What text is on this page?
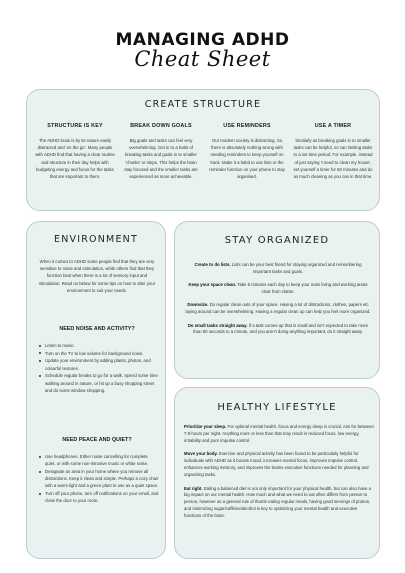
MANAGING ADHD
Cheat Sheet
CREATE STRUCTURE
STRUCTURE IS KEY

The ADHD brain is by its nature easily distracted and 'on the go'. Many people with ADHD find that having a clear routine and structure in their day helps with budgeting energy and focus for the tasks that are important to them.

BREAK DOWN GOALS

Big goals and tasks can feel very overwhelming. Get in to a habit of breaking tasks and goals in to smaller 'chunks' or steps. This helps the brain stay focused and the smaller tasks are experienced as more achievable.

USE REMINDERS

Our modern society is distracting. So there is absolutely nothing wrong with needing reminders to keep yourself on track. Make it a habit to use lists or the reminder function on your phone to stay organised.

USE A TIMER

Similarly as breaking goals in to smaller tasks can be helpful, so can limiting tasks to a set time period. For example, instead of just saying 'I need to clean my house', set yourself a timer for 50 minutes and do as much cleaning as you can in that time.

ENVIRONMENT

When it comes to ADHD some people find that they are very sensitive to noise and stimulation, while others find that they function best when there is a lot of sensory input and stimulation. Read on below for some tips on how to alter your environment to suit your needs.

NEED NOISE AND ACTIVITY?
Listen to music.
Turn on the TV to low volume for background noise.
Update your environment by adding plants, photos, and colourful textures.
Schedule regular breaks to go for a walk. Spend some time walking around in nature, or hit up a busy shopping street and do some window shopping.
NEED PEACE AND QUIET?
Use headphones. Either noise cancelling for complete quiet, or with some non-intrusive music or white noise.
Designate an area in your home where you remove all distractions. Keep it clean and simple. Perhaps a cozy chair with a warm light and a green plant to use as a quiet space.
Turn off your phone, turn off notifications on your email, and close the door to your room.
STAY ORGANIZED

Create to do lists. Lists can be your best friend for staying organized and remembering important tasks and goals.

Keep your space clean. Take 5 minutes each day to keep your main living and working areas clear from clutter.

Downsize. Do regular clean outs of your space. Having a lot of distractions, clothes, papers etc laying around can be overwhelming. Having a regular clean up can help you feel more organized.

Do small tasks straight away. If a task comes up that is small and isn't expected to take more than 50 seconds to a minute, and you aren't doing anything important, do it straight away.

HEALTHY LIFESTYLE

Prioritize your sleep. For optimal mental health, focus and energy sleep is crucial. Aim for between 7-9 hours per night. Anything more or less than that may result in reduced focus, low energy, irritability and poor impulse control.

Move your body. Exercise and physical activity has been found to be particularly helpful for individuals with ADHD as it boosts mood, increases mental focus, improves impulse control, enhances working memory, and improves the brains executive functions needed for planning and organizing tasks.

Eat right. Eating a balanced diet is not only important for your physical health, but can also have a big impact on our mental health. How much and what we need to eat often differs from person to person, however as a general rule of thumb eating regular meals, having good servings of protein, and minimizing sugar/caffeine/alcohol is key to optimizing your mental health and executive functions of the brain.
